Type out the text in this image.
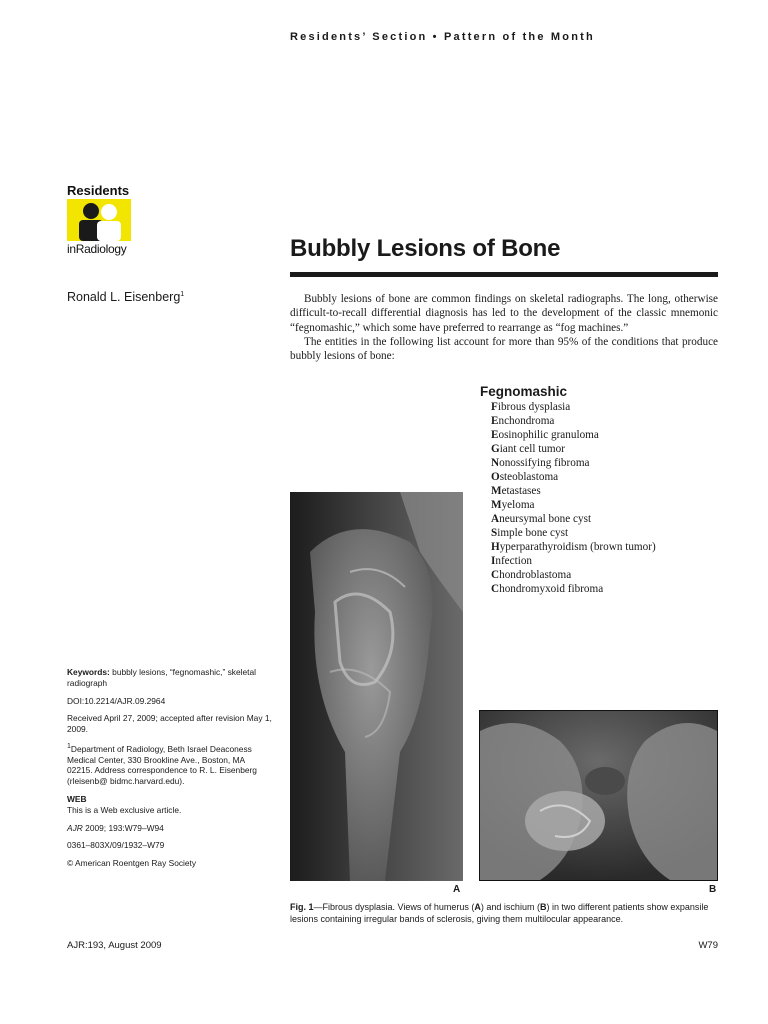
Residents’ Section • Pattern of the Month
Residents
inRadiology	Bubbly Lesions of Bone
Ronald L. Eisenberg$^1$	Bubbly lesions of bone are common findings on skeletal radiographs. The long, otherwise difficult-to-recall differential diagnosis has led to the development of the classic mnemonic “fegnomashic,” which some have preferred to rearrange as “fog machines.”

The entities in the following list account for more than 95% of the conditions that produce bubbly lesions of bone:

Fegnomashic
Fibrous dysplasia
Enchondroma
Eosinophilic granuloma
Giant cell tumor
Nonossifying fibroma
Osteoblastoma
Metastases
Myeloma
Aneursymal bone cyst
Simple bone cyst
Hyperparathyroidism (brown tumor)
Infection
Chondroblastoma
Chondromyxoid fibroma
A	B
Fig. 1—Fibrous dysplasia. Views of humerus (A) and ischium (B) in two different patients show expansile lesions containing irregular bands of sclerosis, giving them multilocular appearance.

Keywords: bubbly lesions, “fegnomashic,” skeletal radiograph

DOI:10.2214/AJR.09.2964

Received April 27, 2009; accepted after revision May 1, 2009.

$^1$Department of Radiology, Beth Israel Deaconess Medical Center, 330 Brookline Ave., Boston, MA 02215. Address correspondence to R. L. Eisenberg (rleisenb@ bidmc.harvard.edu).

WEB
This is a Web exclusive article.

AJR 2009; 193:W79–W94

0361–803X/09/1932–W79

© American Roentgen Ray Society

AJR:193, August 2009	W79
